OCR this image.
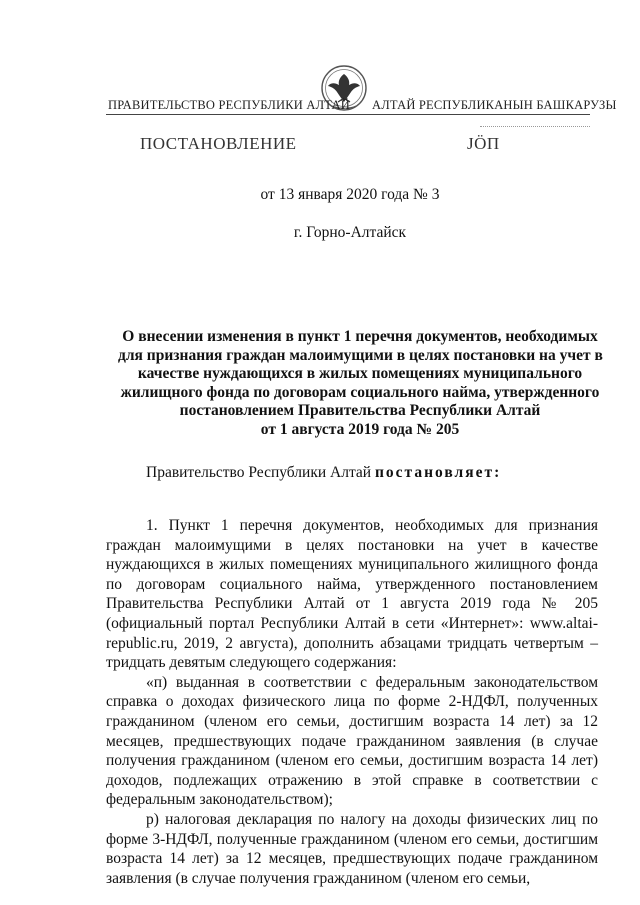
ПРАВИТЕЛЬСТВО РЕСПУБЛИКИ АЛТАЙ АЛТАЙ РЕСПУБЛИКАНЫН БАШКАРУЗЫ
ПОСТАНОВЛЕНИЕ	ЈӦП
от 13 января 2020 года № 3
г. Горно-Алтайск
О внесении изменения в пункт 1 перечня документов, необходимых
для признания граждан малоимущими в целях постановки на учет в
качестве нуждающихся в жилых помещениях муниципального
жилищного фонда по договорам социального найма, утвержденного
постановлением Правительства Республики Алтай
от 1 августа 2019 года № 205
Правительство Республики Алтай постановляет:

1. Пункт 1 перечня документов, необходимых для признания граждан малоимущими в целях постановки на учет в качестве нуждающихся в жилых помещениях муниципального жилищного фонда по договорам социального найма, утвержденного постановлением Правительства Республики Алтай от 1 августа 2019 года № 205 (официальный портал Республики Алтай в сети «Интернет»: www.altai-republic.ru, 2019, 2 августа), дополнить абзацами тридцать четвертым – тридцать девятым следующего содержания:

«п) выданная в соответствии с федеральным законодательством справка о доходах физического лица по форме 2-НДФЛ, полученных гражданином (членом его семьи, достигшим возраста 14 лет) за 12 месяцев, предшествующих подаче гражданином заявления (в случае получения гражданином (членом его семьи, достигшим возраста 14 лет) доходов, подлежащих отражению в этой справке в соответствии с федеральным законодательством);

р) налоговая декларация по налогу на доходы физических лиц по форме 3-НДФЛ, полученные гражданином (членом его семьи, достигшим возраста 14 лет) за 12 месяцев, предшествующих подаче гражданином заявления (в случае получения гражданином (членом его семьи,
